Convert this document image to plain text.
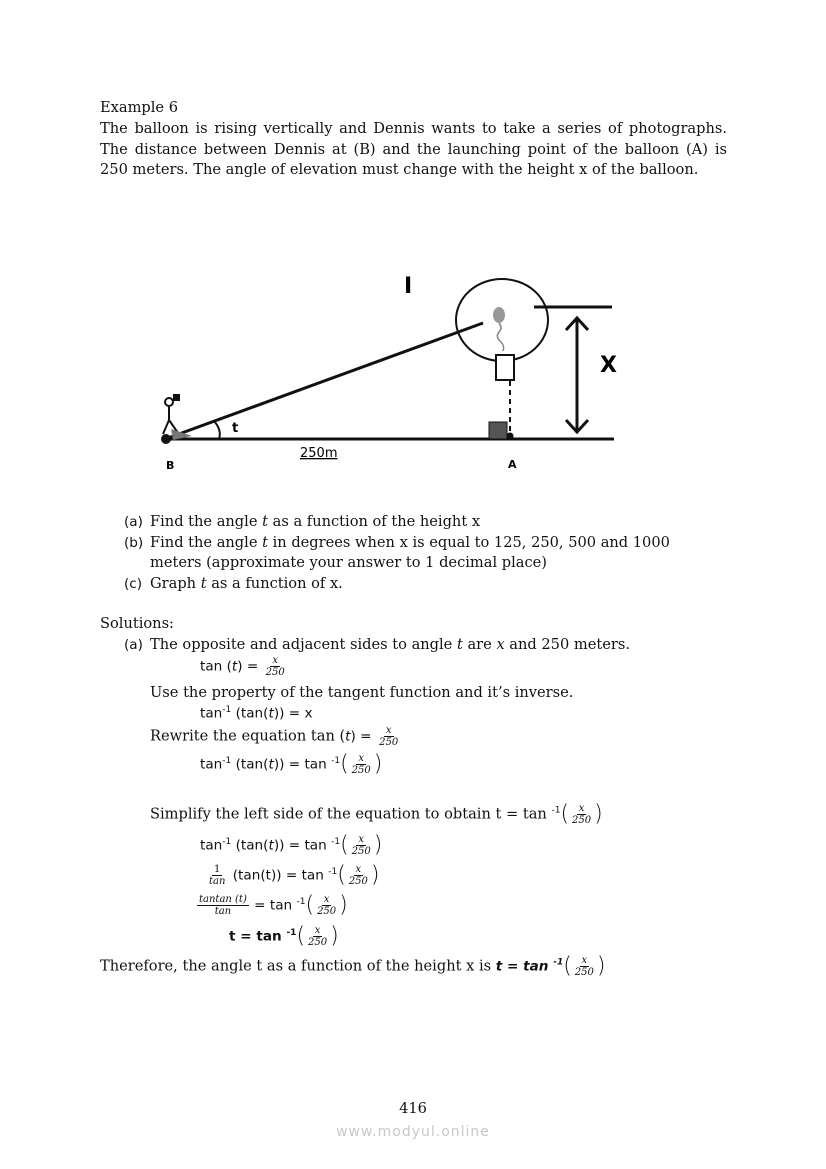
Example 6
The balloon is rising vertically and Dennis wants to take a series of photographs. The distance between Dennis at (B) and the launching point of the balloon (A) is 250 meters. The angle of elevation must change with the height x of the balloon.
I
X
t
250m
B	A
(a) Find the angle t as a function of the height x
(b) Find the angle t in degrees when x is equal to 125, 250, 500 and 1000
meters (approximate your answer to 1 decimal place)
(c) Graph t as a function of x.
Solutions:
(a) The opposite and adjacent sides to angle t are x and 250 meters.
$\tan (t) = \frac{x}{250}$
Use the property of the tangent function and it’s inverse.
$\tan^{-1} (\tan(t)) = x$
Rewrite the equation $\tan (t) = \frac{x}{250}$
$\tan^{-1} (\tan(t)) = \tan ^{-1}( \frac{x}{250}$ )
Simplify the left side of the equation to obtain $t = \tan ^{-1}( \frac{x}{250}$ )
$\tan^{-1} (\tan(t)) = \tan ^{-1}( \frac{x}{250}$ )
$\frac{1}{\tan} (\tan(t)) = \tan ^{-1}( \frac{x}{250}$ )
$\frac{\text{tantan (t)}}{\tan} = \tan ^{-1}( \frac{x}{250}$ )
$t = \tan ^{-1}( \frac{x}{250}$ )
Therefore, the angle t as a function of the height x is $t = \tan ^{-1}( \frac{x}{250}$ )
416
www.modyul.online
